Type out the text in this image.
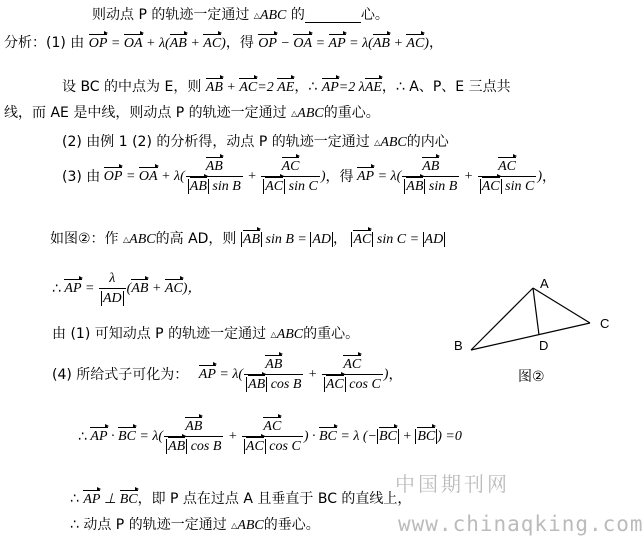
则动点 P 的轨迹一定通过 △ABC 的	心。
分析：(1) 由 OP = OA + λ(AB + AC)，得 OP − OA = AP = λ(AB + AC)，
设 BC 的中点为 E，则 AB + AC=2 AE，∴ AP=2 λAE，∴ A、P、E 三点共
线，而 AE 是中线，则动点 P 的轨迹一定通过 △ABC的重心。
(2) 由例 1 (2) 的分析得，动点 P 的轨迹一定通过 △ABC的内心
(3) 由 OP = OA + $\lambda( \frac{AB}{\text{AB sin B}} + \frac{AC}{\text{AC sin C}}$ ) ，得 AP = $\lambda( \frac{AB}{\text{AB sin B}} + \frac{AC}{\text{AC sin C}}$ ) ，
如图②：作 △ABC的高 AD，则 AB sin B = AD ， AC sin C = AD
∴ AP = $\frac{\lambda}{AD} (AB + AC)$，
由 (1) 可知动点 P 的轨迹一定通过 △ABC的重心。
(4) 所给式子可化为： AP = $\lambda( \frac{AB}{\text{AB cos B}} + \frac{AC}{\text{AC cos C}}$ ) ，
∴ AP · BC = $\lambda( \frac{AB}{\text{AB cos B}} + \frac{AC}{\text{AC cos C}}$ ) · BC = λ (− BC + BC ) =0
∴ AP ⊥ BC，即 P 点在过点 A 且垂直于 BC 的直线上，
∴ 动点 P 的轨迹一定通过 △ABC的垂心。
A
B
C
D
图②
中国期刊网
www.chinaqking.com
